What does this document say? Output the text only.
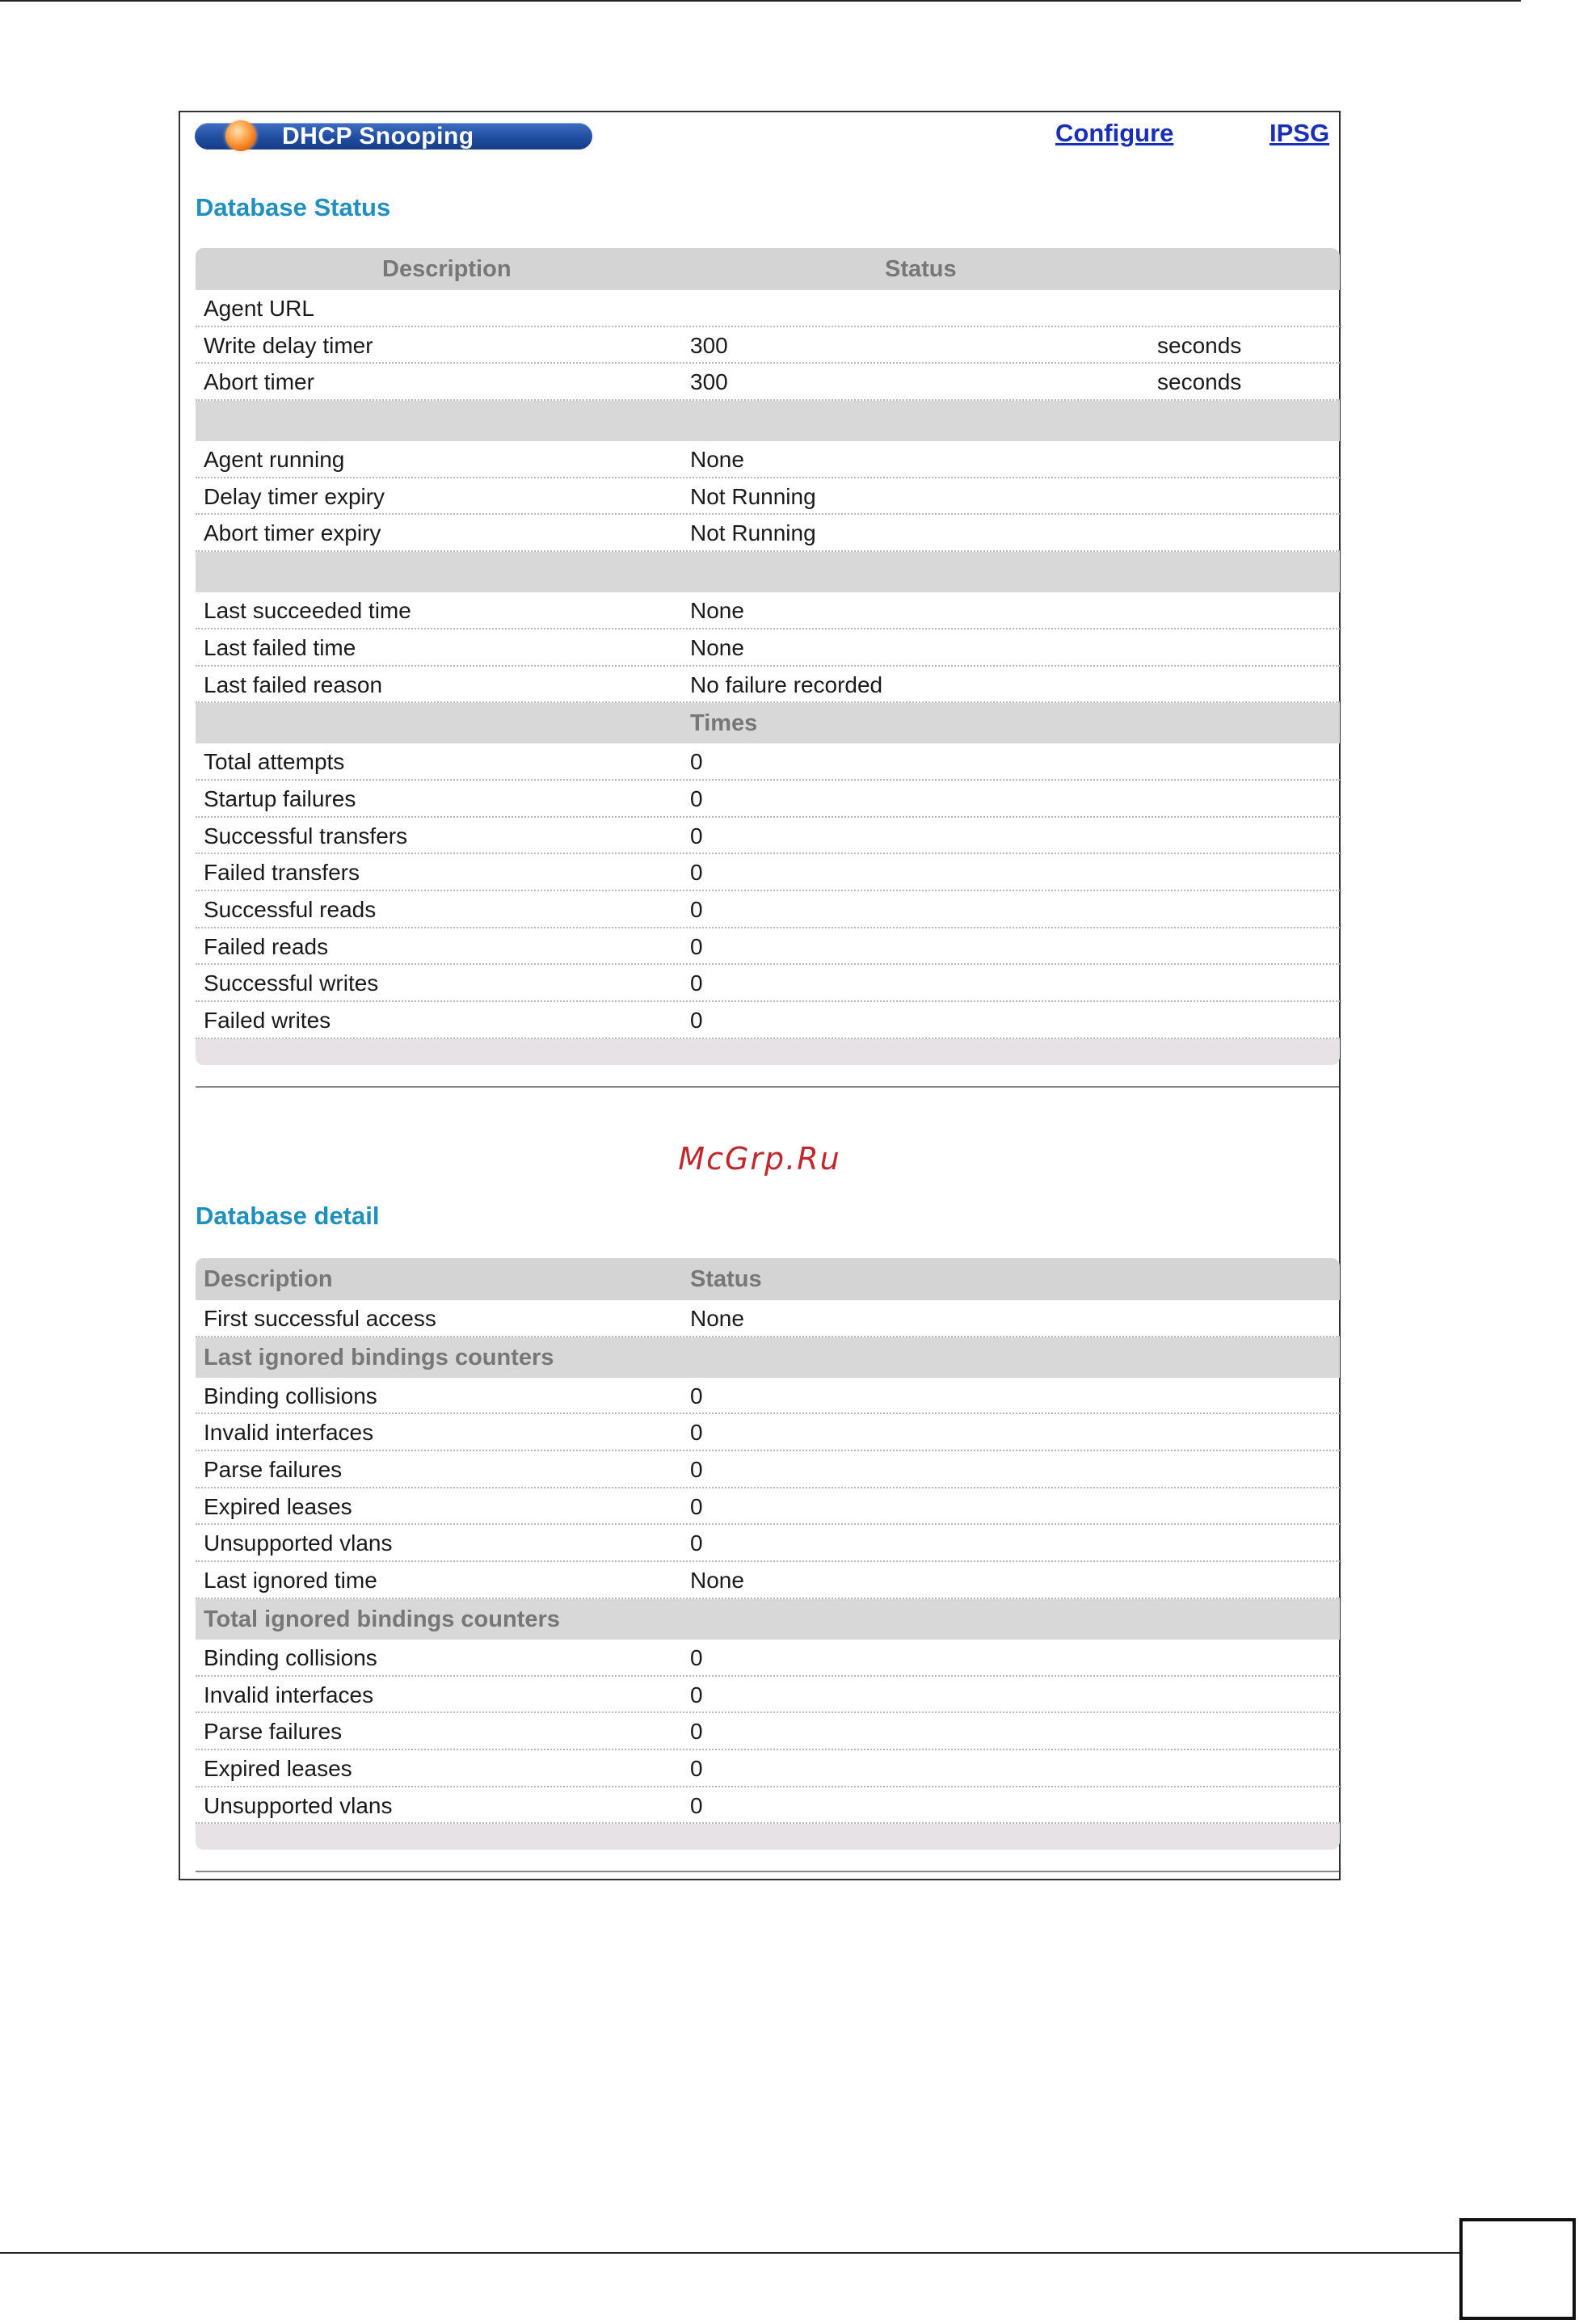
DHCP Snooping	Configure	IPSG
Database Status
Description	Status
Agent URL
Write delay timer	300	seconds
Abort timer	300	seconds
Agent running	None
Delay timer expiry	Not Running
Abort timer expiry	Not Running
Last succeeded time	None
Last failed time	None
Last failed reason	No failure recorded
Times
Total attempts	0
Startup failures	0
Successful transfers	0
Failed transfers	0
Successful reads	0
Failed reads	0
Successful writes	0
Failed writes	0
McGrp.Ru
Database detail
Description	Status
First successful access	None
Last ignored bindings counters
Binding collisions	0
Invalid interfaces	0
Parse failures	0
Expired leases	0
Unsupported vlans	0
Last ignored time	None
Total ignored bindings counters
Binding collisions	0
Invalid interfaces	0
Parse failures	0
Expired leases	0
Unsupported vlans	0
